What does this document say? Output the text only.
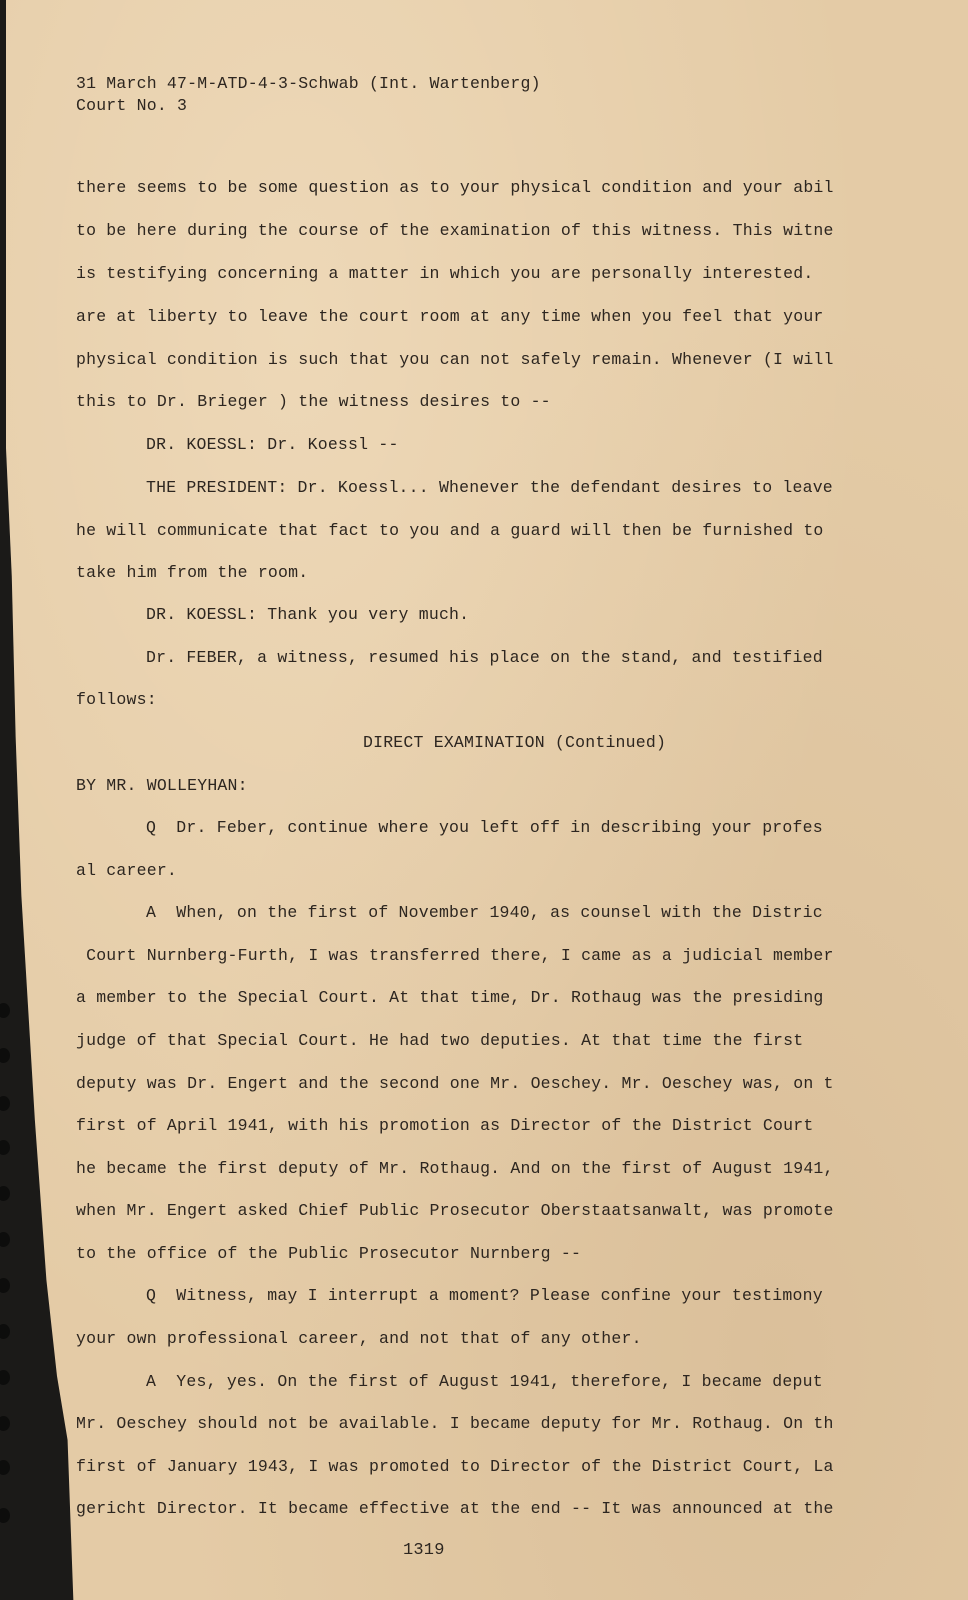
31 March 47-M-ATD-4-3-Schwab (Int. Wartenberg)

Court No. 3

there seems to be some question as to your physical condition and your abil

to be here during the course of the examination of this witness. This witne

is testifying concerning a matter in which you are personally interested.

are at liberty to leave the court room at any time when you feel that your

physical condition is such that you can not safely remain. Whenever (I will

this to Dr. Brieger ) the witness desires to --

DR. KOESSL: Dr. Koessl --

THE PRESIDENT: Dr. Koessl... Whenever the defendant desires to leave

he will communicate that fact to you and a guard will then be furnished to

take him from the room.

DR. KOESSL: Thank you very much.

Dr. FEBER, a witness, resumed his place on the stand, and testified

follows:

DIRECT EXAMINATION (Continued)

BY MR. WOLLEYHAN:

Q  Dr. Feber, continue where you left off in describing your profes

al career.

A  When, on the first of November 1940, as counsel with the Distric

Court Nurnberg-Furth, I was transferred there, I came as a judicial member

a member to the Special Court. At that time, Dr. Rothaug was the presiding

judge of that Special Court. He had two deputies. At that time the first

deputy was Dr. Engert and the second one Mr. Oeschey. Mr. Oeschey was, on t

first of April 1941, with his promotion as Director of the District Court

he became the first deputy of Mr. Rothaug. And on the first of August 1941,

when Mr. Engert asked Chief Public Prosecutor Oberstaatsanwalt, was promote

to the office of the Public Prosecutor Nurnberg --

Q  Witness, may I interrupt a moment? Please confine your testimony

your own professional career, and not that of any other.

A  Yes, yes. On the first of August 1941, therefore, I became deput

Mr. Oeschey should not be available. I became deputy for Mr. Rothaug. On th

first of January 1943, I was promoted to Director of the District Court, La

gericht Director. It became effective at the end -- It was announced at the

1319
